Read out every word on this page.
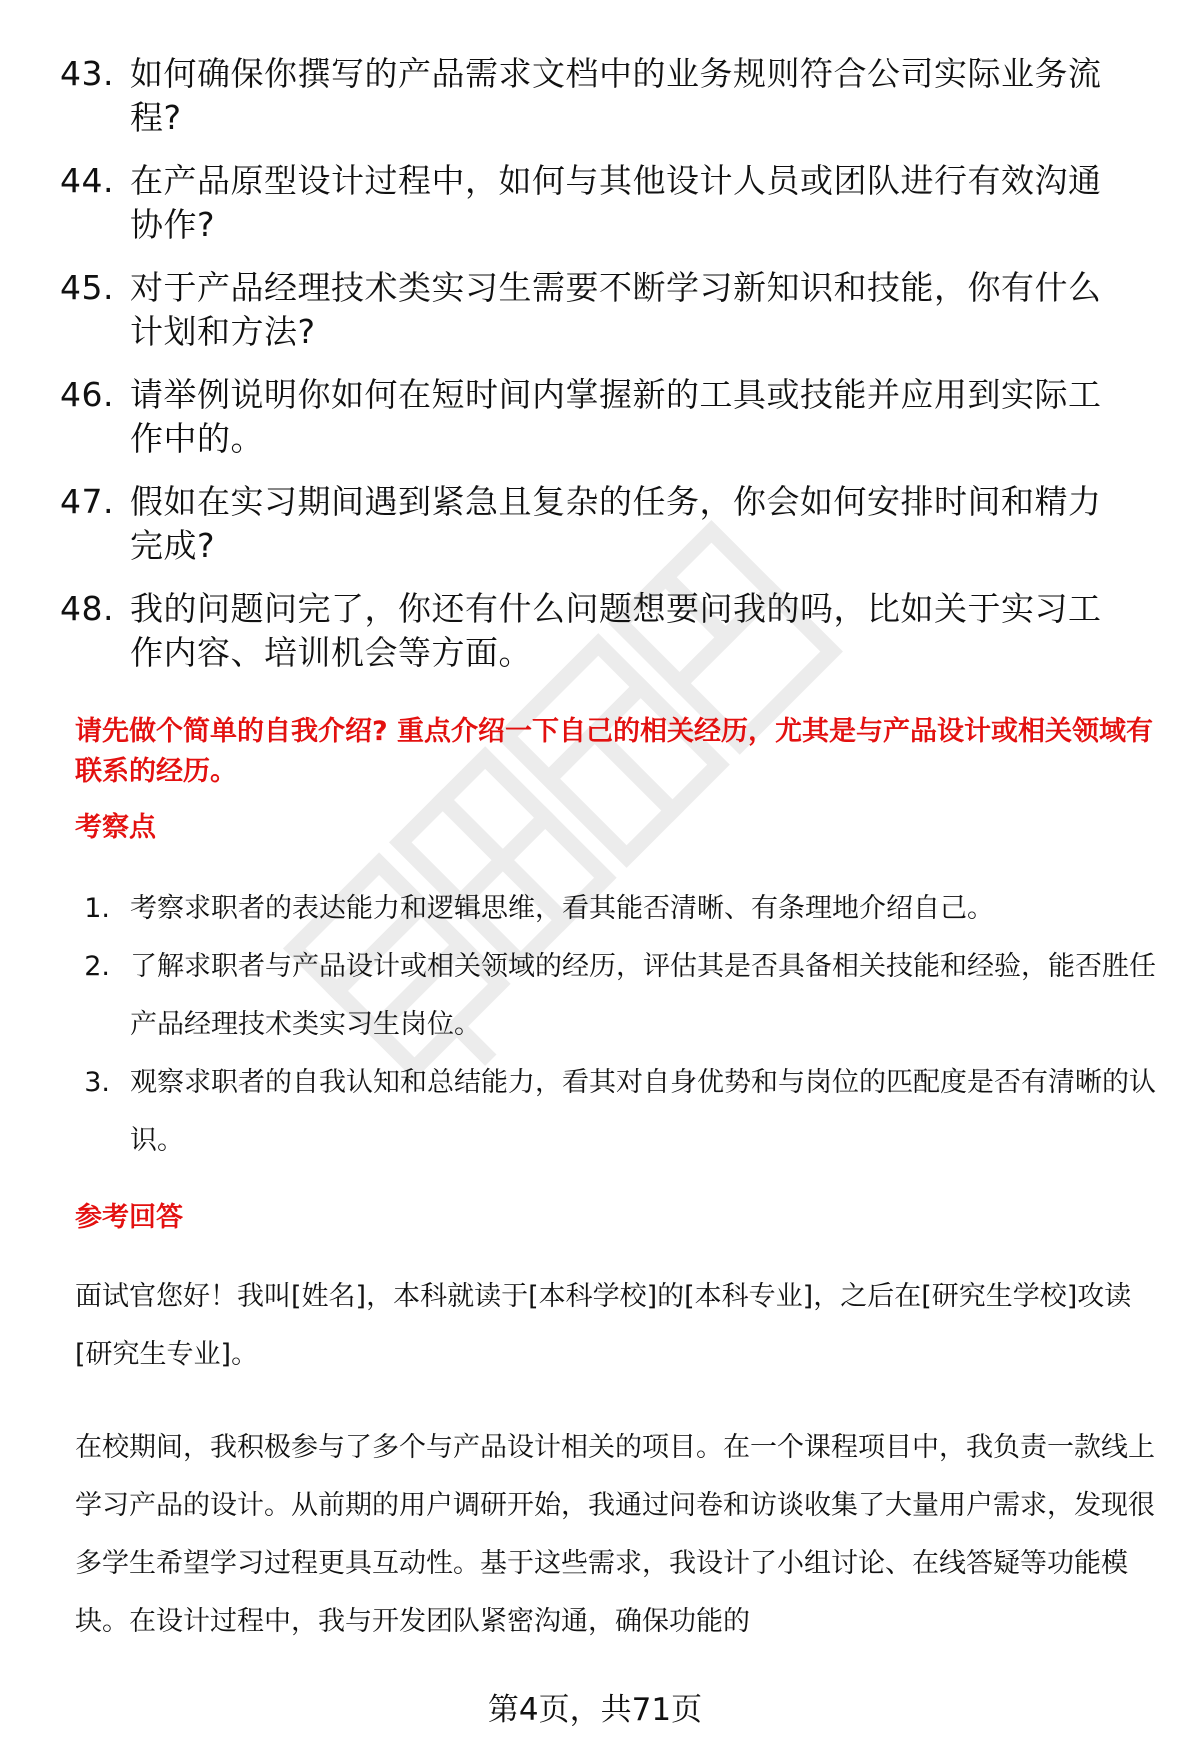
43. 如何确保你撰写的产品需求文档中的业务规则符合公司实际业务流程?
44. 在产品原型设计过程中，如何与其他设计人员或团队进行有效沟通协作?
45. 对于产品经理技术类实习生需要不断学习新知识和技能，你有什么计划和方法?
46. 请举例说明你如何在短时间内掌握新的工具或技能并应用到实际工作中的。
47. 假如在实习期间遇到紧急且复杂的任务，你会如何安排时间和精力完成?
48. 我的问题问完了，你还有什么问题想要问我的吗，比如关于实习工作内容、培训机会等方面。
请先做个简单的自我介绍? 重点介绍一下自己的相关经历，尤其是与产品设计或相关领域有联系的经历。
考察点
1. 考察求职者的表达能力和逻辑思维，看其能否清晰、有条理地介绍自己。
2. 了解求职者与产品设计或相关领域的经历，评估其是否具备相关技能和经验，能否胜任产品经理技术类实习生岗位。
3. 观察求职者的自我认知和总结能力，看其对自身优势和与岗位的匹配度是否有清晰的认识。
参考回答
面试官您好！我叫[姓名]，本科就读于[本科学校]的[本科专业]，之后在[研究生学校]攻读[研究生专业]。
在校期间，我积极参与了多个与产品设计相关的项目。在一个课程项目中，我负责一款线上学习产品的设计。从前期的用户调研开始，我通过问卷和访谈收集了大量用户需求，发现很多学生希望学习过程更具互动性。基于这些需求，我设计了小组讨论、在线答疑等功能模块。在设计过程中，我与开发团队紧密沟通，确保功能的
第4页，共71页
